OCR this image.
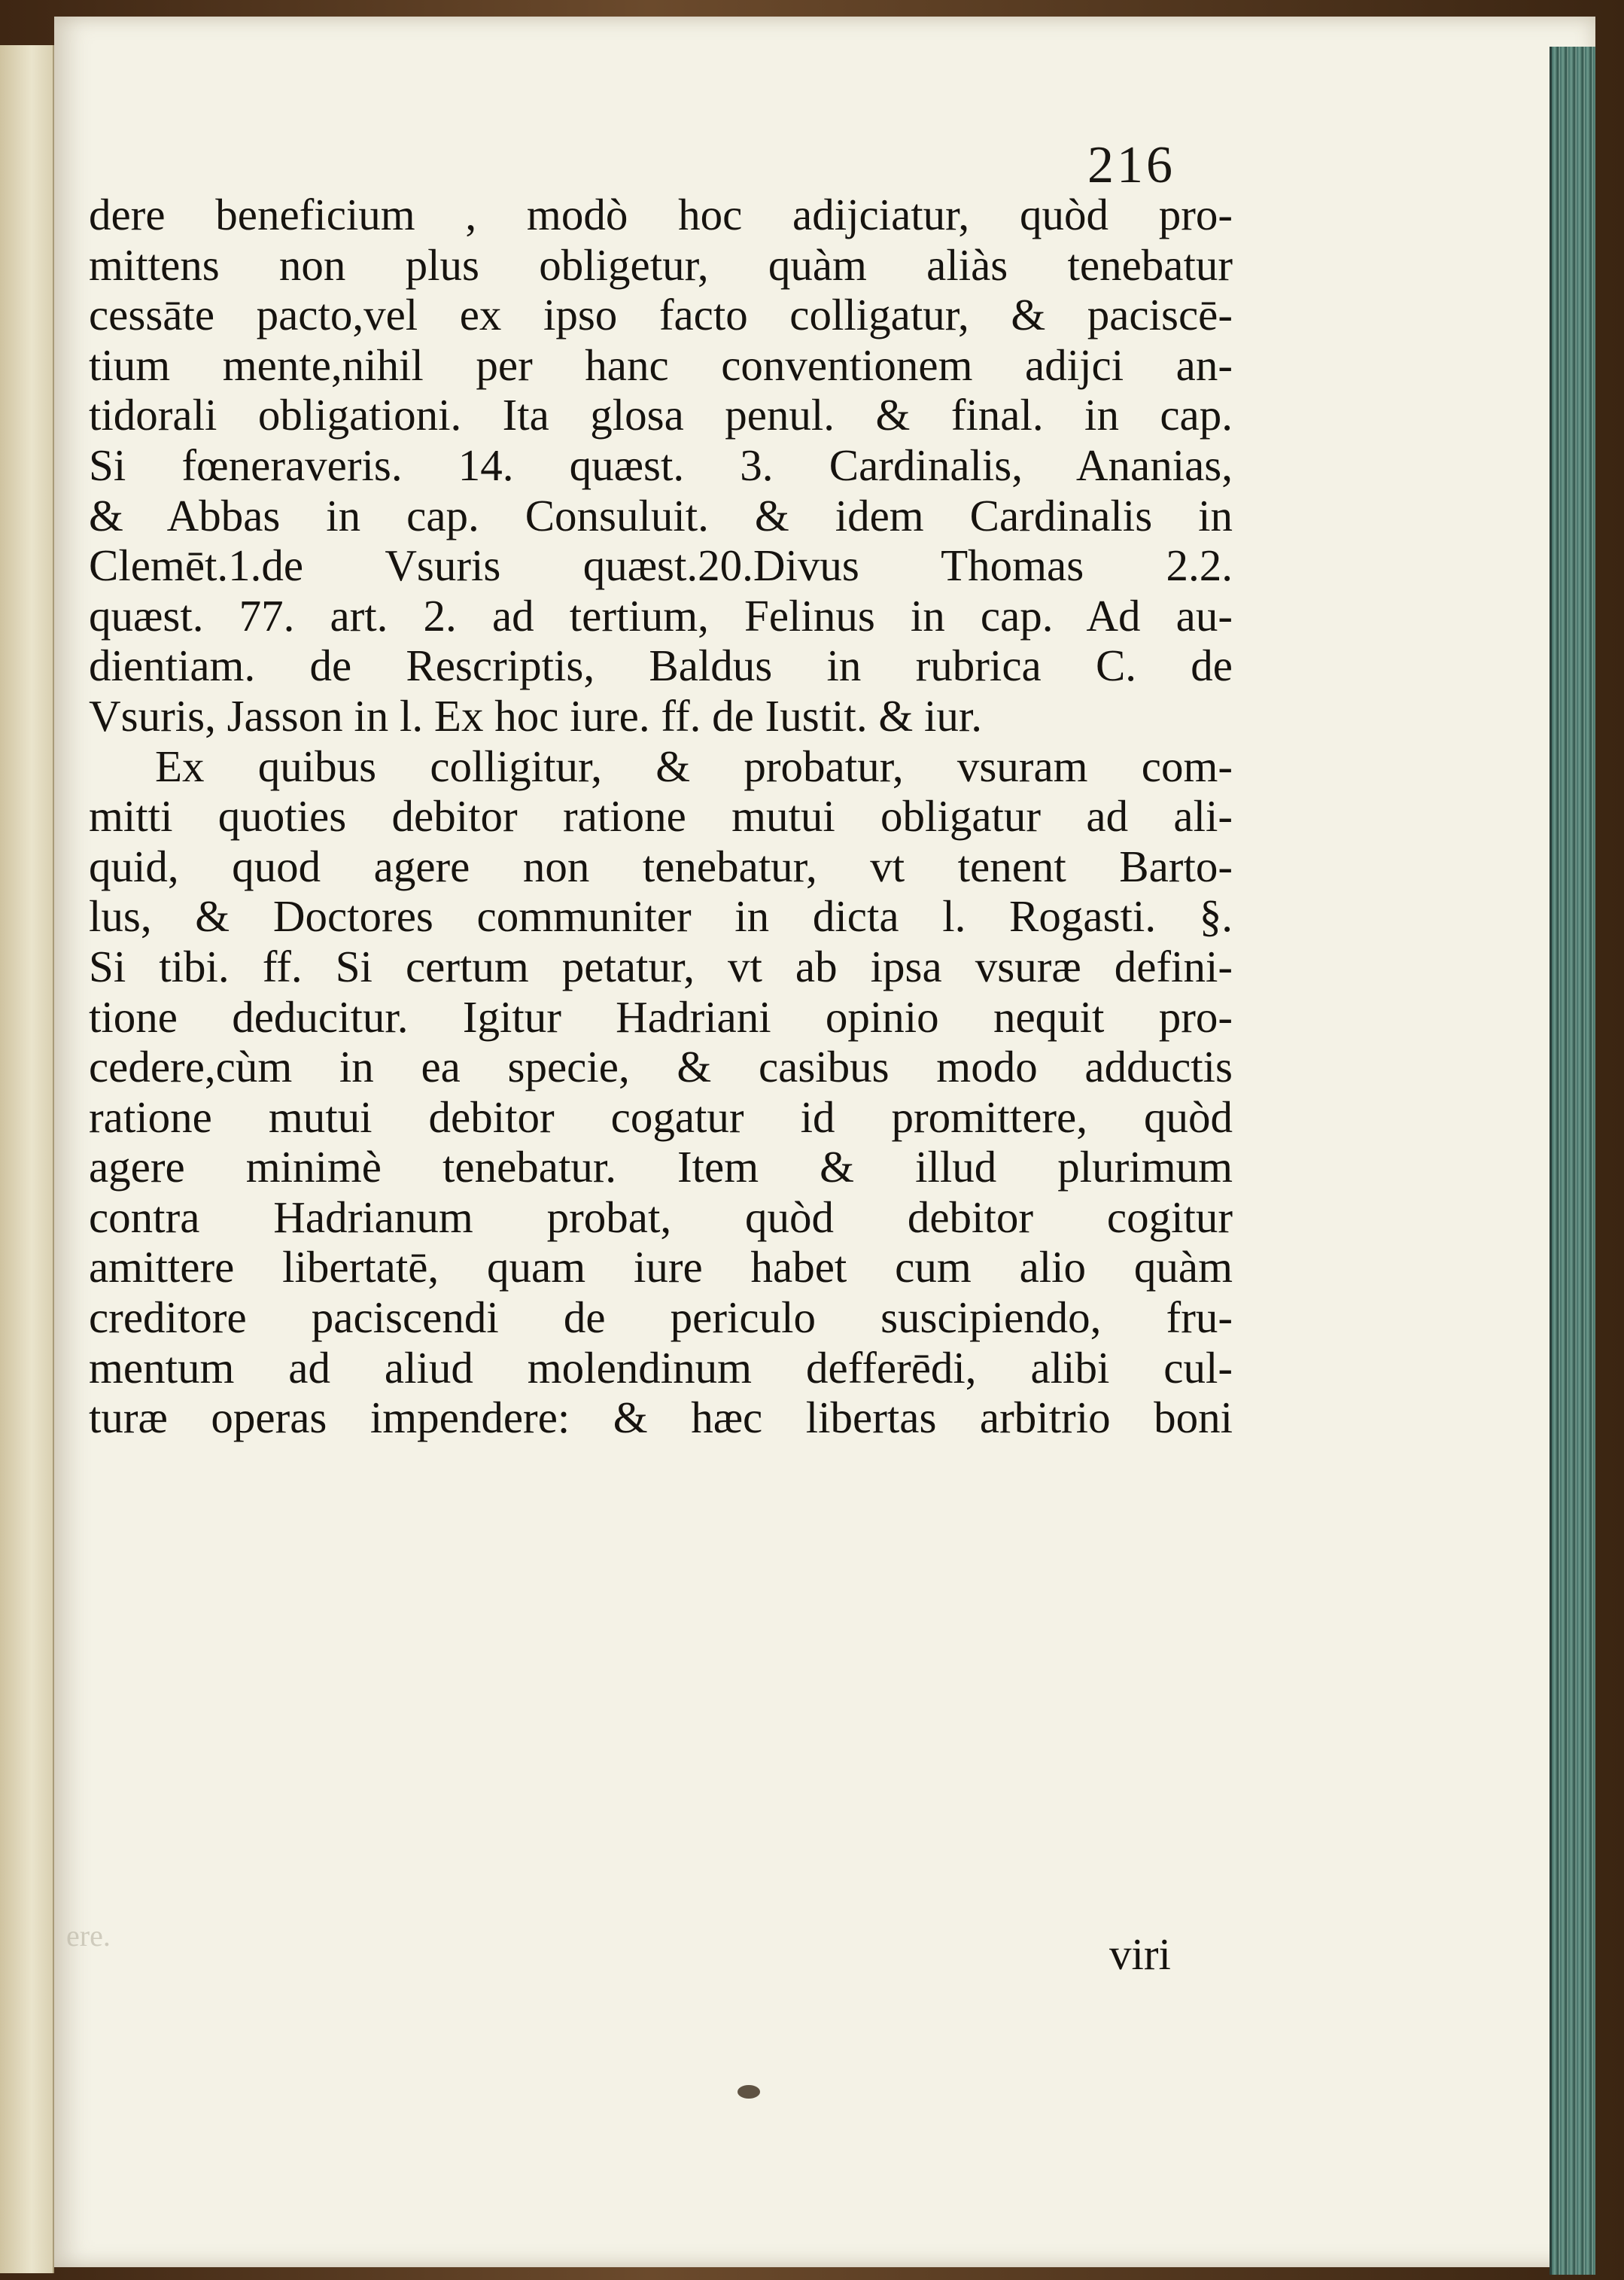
216
dere beneficium , modò hoc adijciatur, quòd pro-
mittens non plus obligetur, quàm aliàs tenebatur
cessāte pacto,vel ex ipso facto colligatur, & paciscē-
tium mente,nihil per hanc conventionem adijci an-
tidorali obligationi. Ita glosa penul. & final. in cap.
Si fœneraveris. 14. quæst. 3. Cardinalis, Ananias,
& Abbas in cap. Consuluit. & idem Cardinalis in
Clemēt.1.de Vsuris quæst.20.Divus Thomas 2.2.
quæst. 77. art. 2. ad tertium, Felinus in cap. Ad au-
dientiam. de Rescriptis, Baldus in rubrica C. de
Vsuris, Jasson in l. Ex hoc iure. ff. de Iustit. & iur.
Ex quibus colligitur, & probatur, vsuram com-
mitti quoties debitor ratione mutui obligatur ad ali-
quid, quod agere non tenebatur, vt tenent Barto-
lus, & Doctores communiter in dicta l. Rogasti. §.
Si tibi. ff. Si certum petatur, vt ab ipsa vsuræ defini-
tione deducitur. Igitur Hadriani opinio nequit pro-
cedere,cùm in ea specie, & casibus modo adductis
ratione mutui debitor cogatur id promittere, quòd
agere minimè tenebatur. Item & illud plurimum
contra Hadrianum probat, quòd debitor cogitur
amittere libertatē, quam iure habet cum alio quàm
creditore paciscendi de periculo suscipiendo, fru-
mentum ad aliud molendinum defferēdi, alibi cul-
turæ operas impendere: & hæc libertas arbitrio boni
ere.	viri
